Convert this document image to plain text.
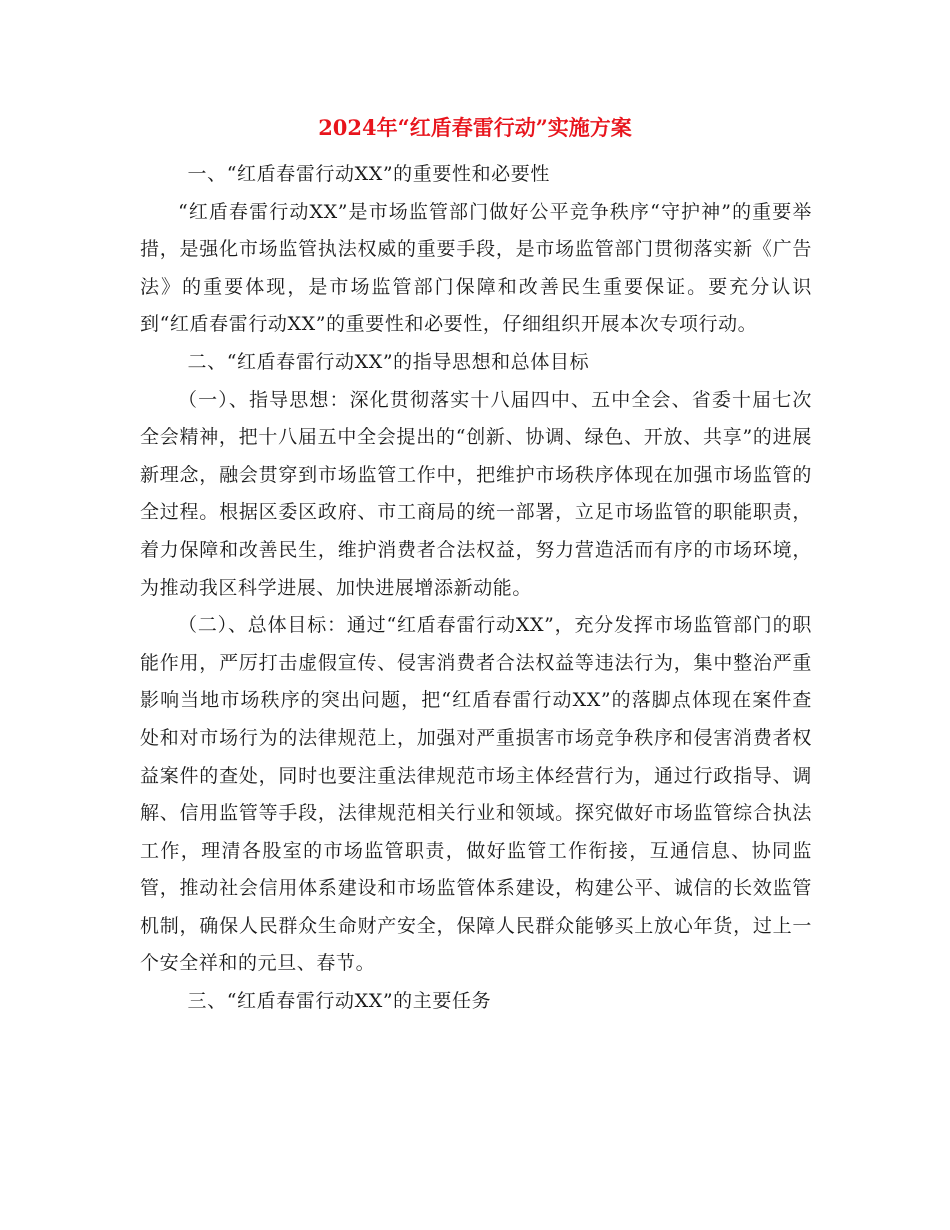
2024年“红盾春雷行动”实施方案

一、“红盾春雷行动XX”的重要性和必要性

“红盾春雷行动XX”是市场监管部门做好公平竞争秩序“守护神”的重要举措，是强化市场监管执法权威的重要手段，是市场监管部门贯彻落实新《广告法》的重要体现，是市场监管部门保障和改善民生重要保证。要充分认识到“红盾春雷行动XX”的重要性和必要性，仔细组织开展本次专项行动。

二、“红盾春雷行动XX”的指导思想和总体目标

（一）、指导思想：深化贯彻落实十八届四中、五中全会、省委十届七次全会精神，把十八届五中全会提出的“创新、协调、绿色、开放、共享”的进展新理念，融会贯穿到市场监管工作中，把维护市场秩序体现在加强市场监管的全过程。根据区委区政府、市工商局的统一部署，立足市场监管的职能职责，着力保障和改善民生，维护消费者合法权益，努力营造活而有序的市场环境，为推动我区科学进展、加快进展增添新动能。

（二）、总体目标：通过“红盾春雷行动XX”，充分发挥市场监管部门的职能作用，严厉打击虚假宣传、侵害消费者合法权益等违法行为，集中整治严重影响当地市场秩序的突出问题，把“红盾春雷行动XX”的落脚点体现在案件查处和对市场行为的法律规范上，加强对严重损害市场竞争秩序和侵害消费者权益案件的查处，同时也要注重法律规范市场主体经营行为，通过行政指导、调解、信用监管等手段，法律规范相关行业和领域。探究做好市场监管综合执法工作，理清各股室的市场监管职责，做好监管工作衔接，互通信息、协同监管，推动社会信用体系建设和市场监管体系建设，构建公平、诚信的长效监管机制，确保人民群众生命财产安全，保障人民群众能够买上放心年货，过上一个安全祥和的元旦、春节。

三、“红盾春雷行动XX”的主要任务
